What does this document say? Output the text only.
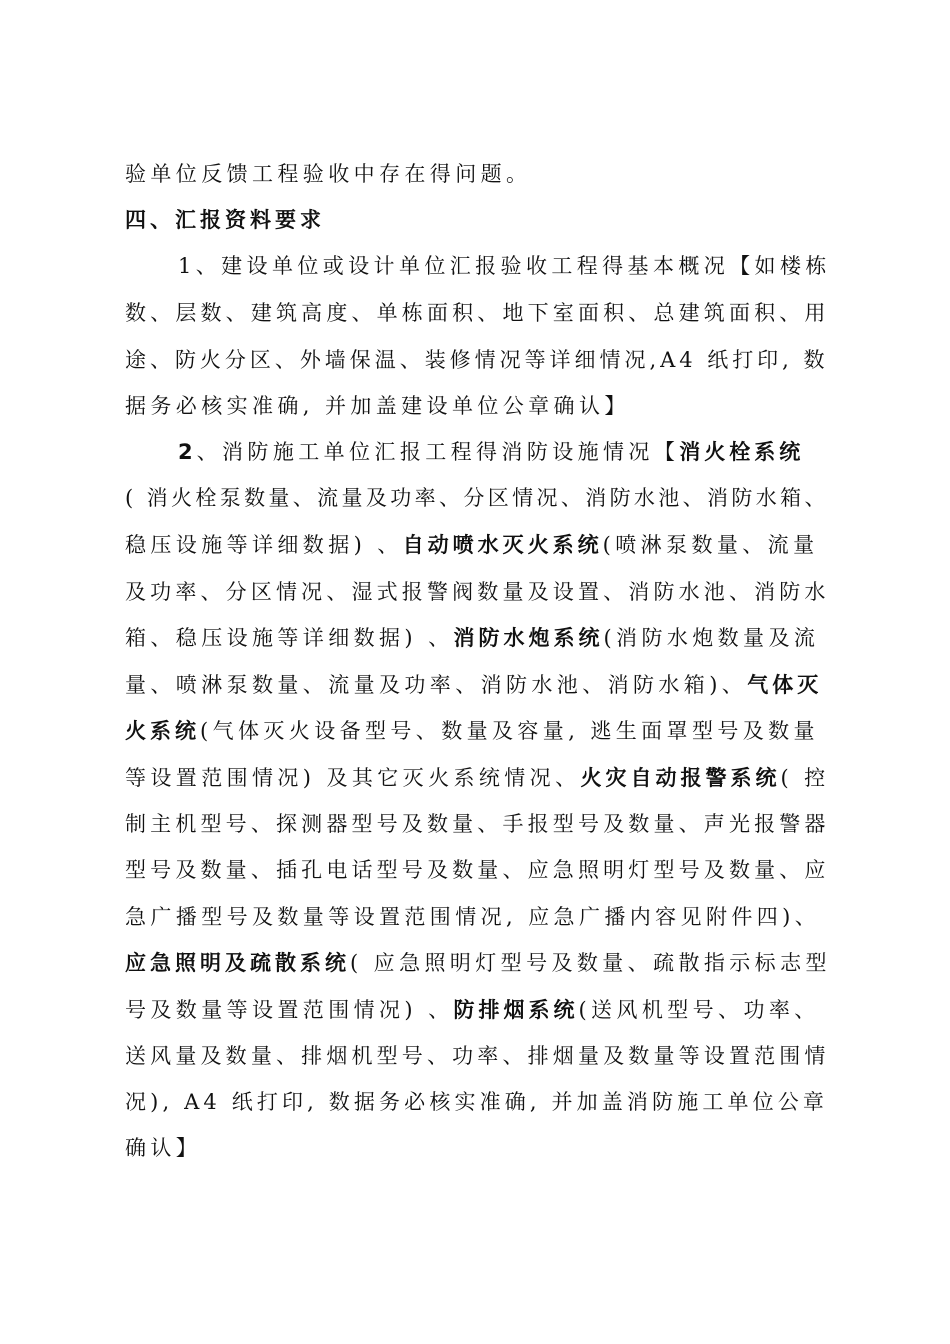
验单位反馈工程验收中存在得问题。
四、汇报资料要求
1、建设单位或设计单位汇报验收工程得基本概况【如楼栋
数、层数、建筑高度、单栋面积、地下室面积、总建筑面积、用
途、防火分区、外墙保温、装修情况等详细情况,A4 纸打印, 数
据务必核实准确, 并加盖建设单位公章确认】
2、消防施工单位汇报工程得消防设施情况【消火栓系统
( 消火栓泵数量、流量及功率、分区情况、消防水池、消防水箱、
稳压设施等详细数据) 、自动喷水灭火系统(喷淋泵数量、流量
及功率、分区情况、湿式报警阀数量及设置、消防水池、消防水
箱、稳压设施等详细数据) 、消防水炮系统(消防水炮数量及流
量、喷淋泵数量、流量及功率、消防水池、消防水箱)、气体灭
火系统(气体灭火设备型号、数量及容量, 逃生面罩型号及数量
等设置范围情况) 及其它灭火系统情况、火灾自动报警系统( 控
制主机型号、探测器型号及数量、手报型号及数量、声光报警器
型号及数量、插孔电话型号及数量、应急照明灯型号及数量、应
急广播型号及数量等设置范围情况, 应急广播内容见附件四)、
应急照明及疏散系统( 应急照明灯型号及数量、疏散指示标志型
号及数量等设置范围情况) 、防排烟系统(送风机型号、功率、
送风量及数量、排烟机型号、功率、排烟量及数量等设置范围情
况), A4 纸打印, 数据务必核实准确, 并加盖消防施工单位公章
确认】
